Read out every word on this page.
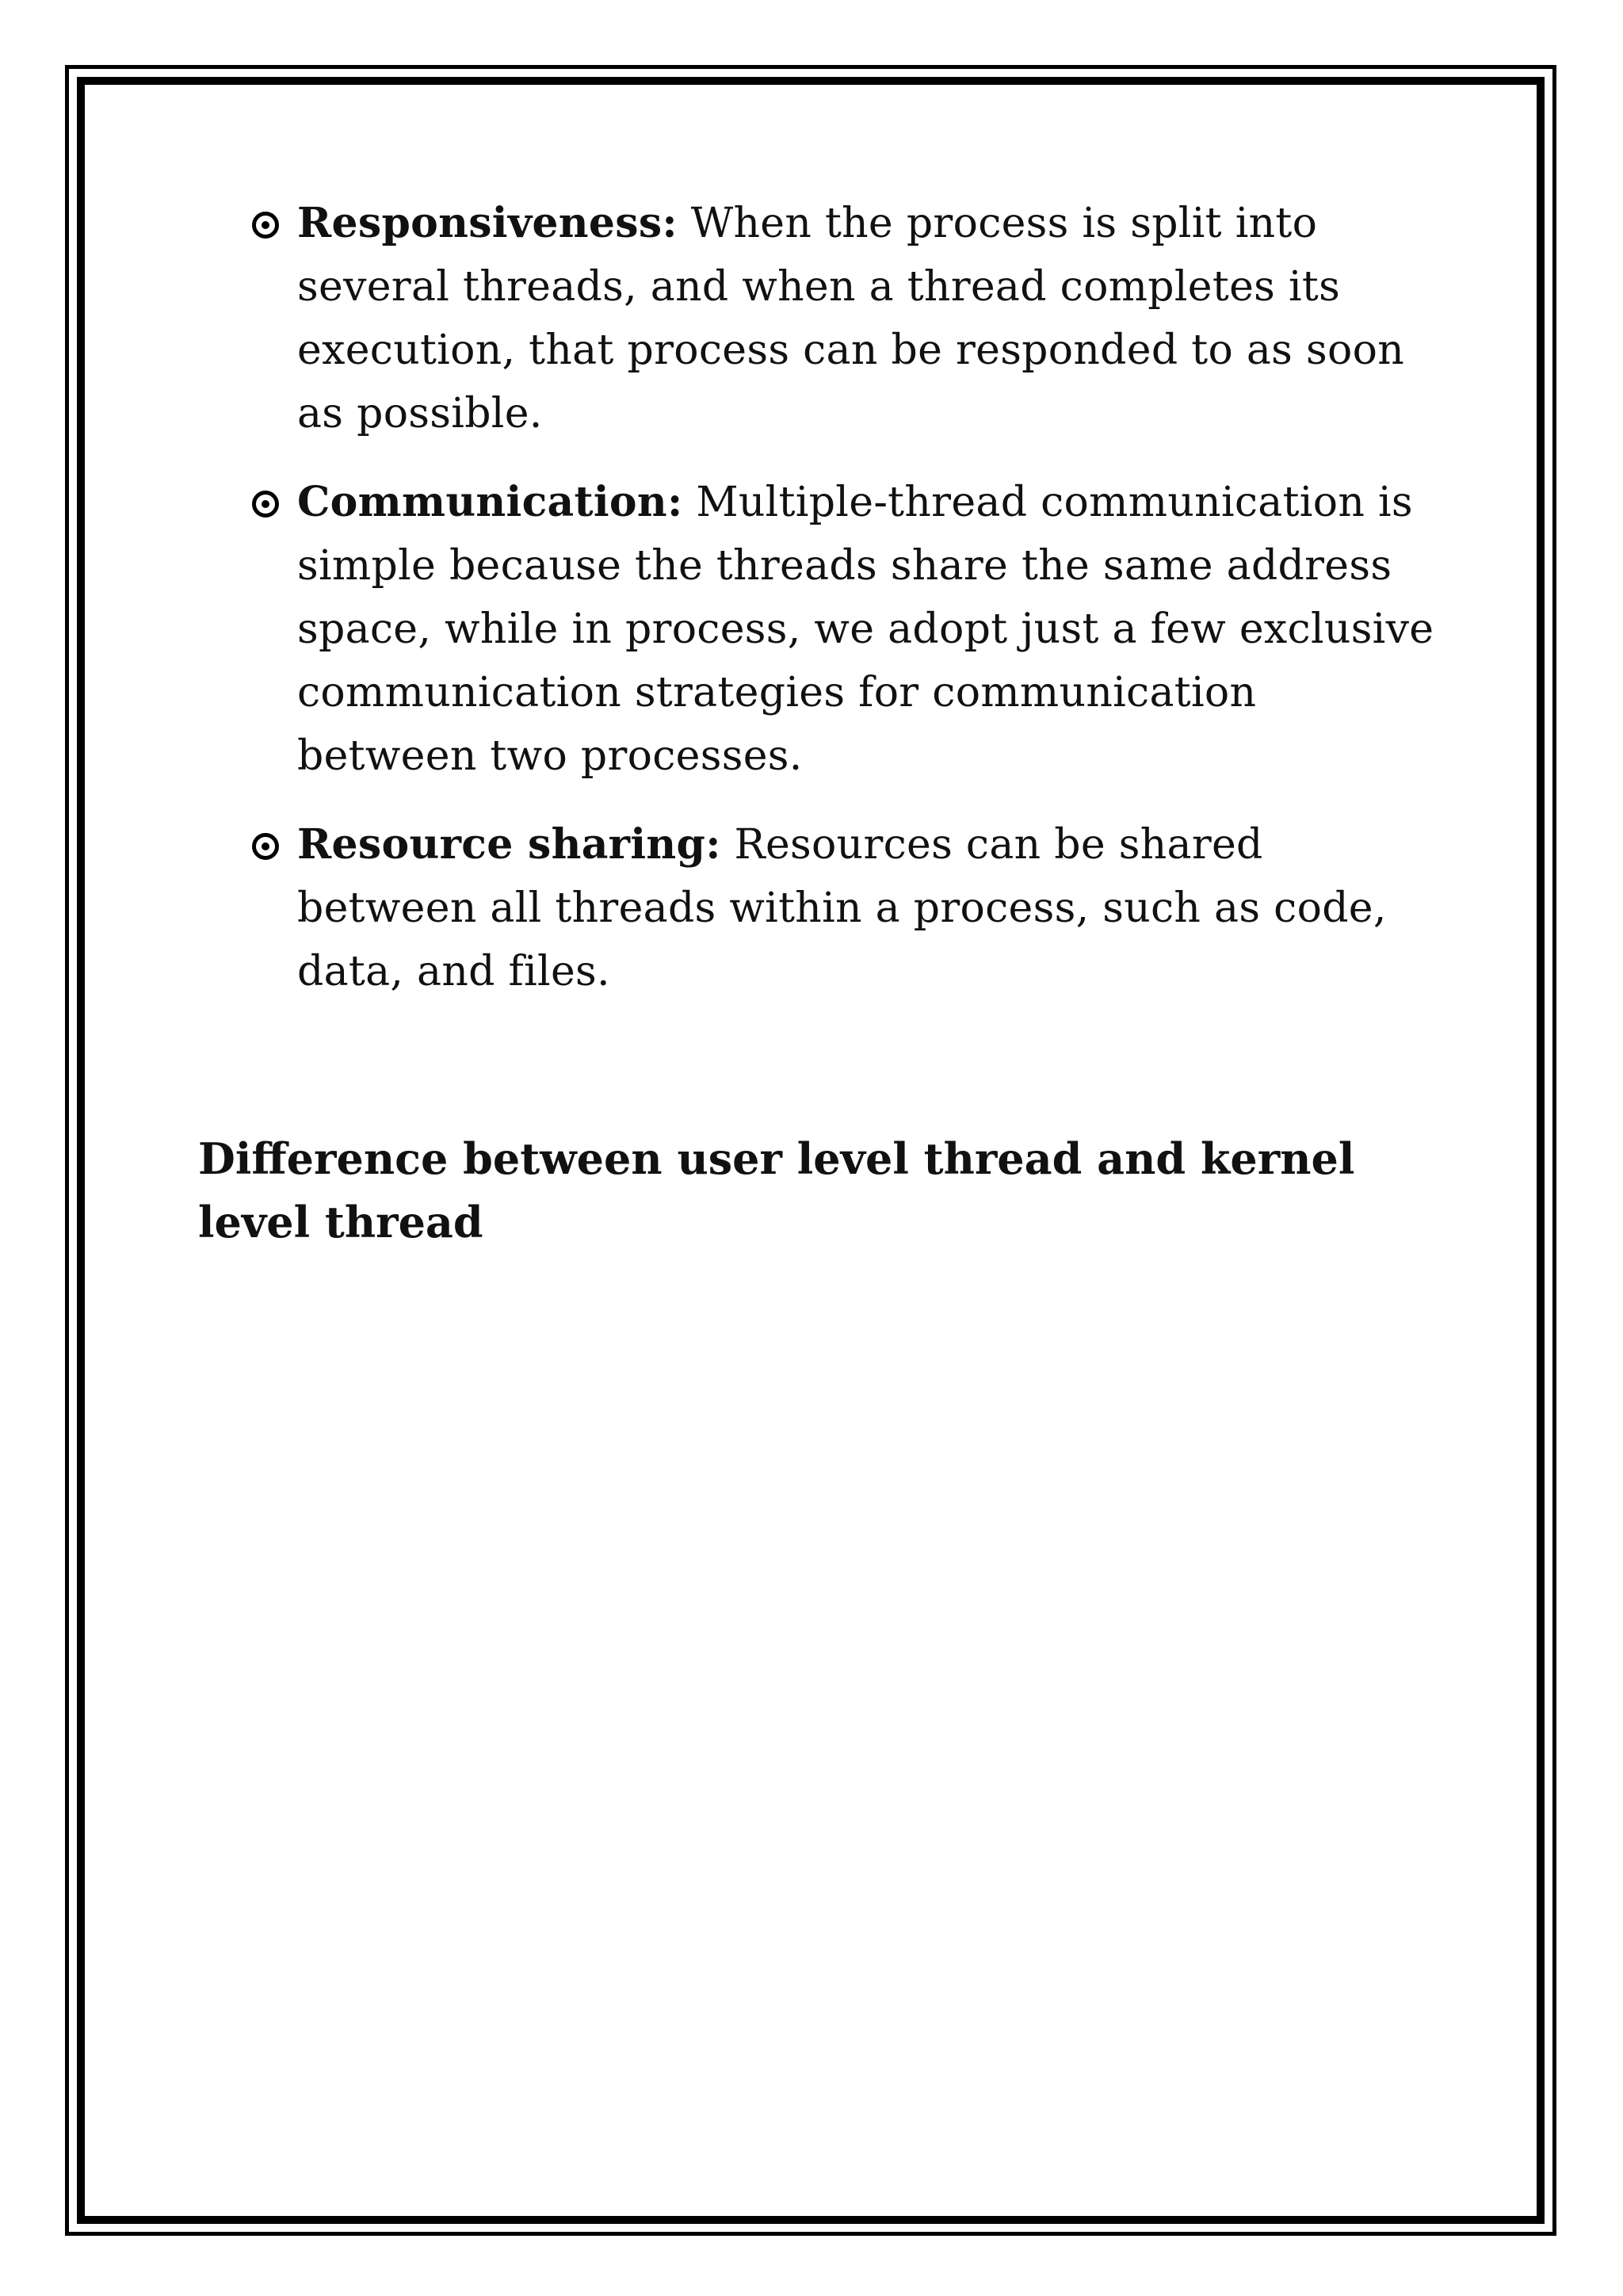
Responsiveness: When the process is split into several threads, and when a thread completes its execution, that process can be responded to as soon as possible.
Communication: Multiple-thread communication is simple because the threads share the same address space, while in process, we adopt just a few exclusive communication strategies for communication between two processes.
Resource sharing: Resources can be shared between all threads within a process, such as code, data, and files.
Difference between user level thread and kernel level thread
